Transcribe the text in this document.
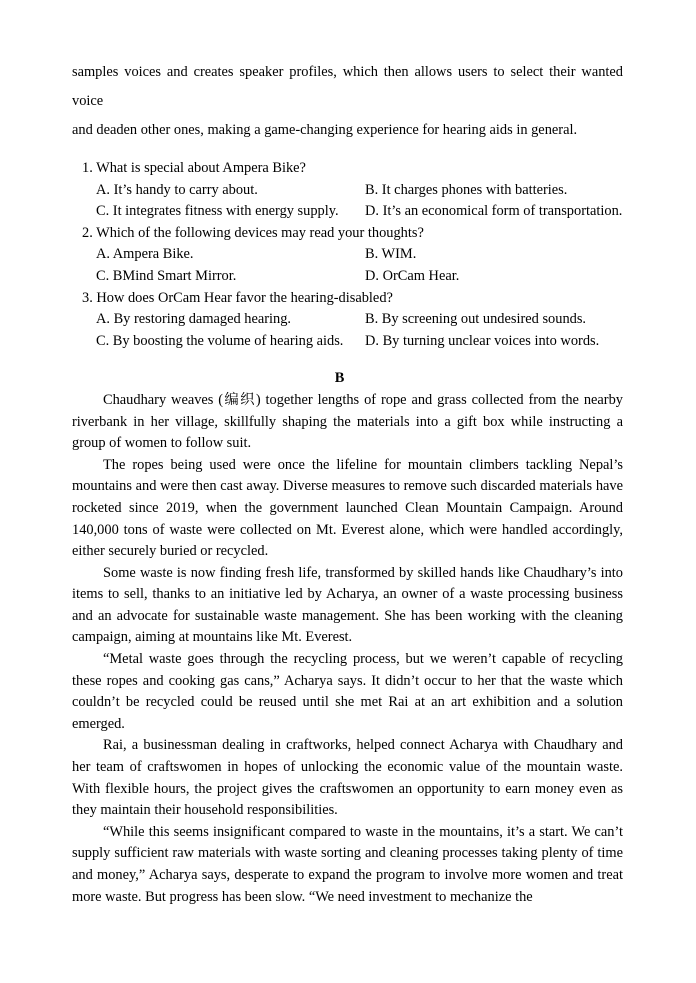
samples voices and creates speaker profiles, which then allows users to select their wanted voice
and deaden other ones, making a game-changing experience for hearing aids in general.
1. What is special about Ampera Bike?
A. It’s handy to carry about.	B. It charges phones with batteries.
C. It integrates fitness with energy supply. D. It’s an economical form of transportation.
2. Which of the following devices may read your thoughts?
A. Ampera Bike.	B. WIM.
C. BMind Smart Mirror.	D. OrCam Hear.
3. How does OrCam Hear favor the hearing-disabled?
A. By restoring damaged hearing.	B. By screening out undesired sounds.
C. By boosting the volume of hearing aids. D. By turning unclear voices into words.
B

Chaudhary weaves (编织) together lengths of rope and grass collected from the nearby riverbank in her village, skillfully shaping the materials into a gift box while instructing a group of women to follow suit.

The ropes being used were once the lifeline for mountain climbers tackling Nepal’s mountains and were then cast away. Diverse measures to remove such discarded materials have rocketed since 2019, when the government launched Clean Mountain Campaign. Around 140,000 tons of waste were collected on Mt. Everest alone, which were handled accordingly, either securely buried or recycled.

Some waste is now finding fresh life, transformed by skilled hands like Chaudhary’s into items to sell, thanks to an initiative led by Acharya, an owner of a waste processing business and an advocate for sustainable waste management. She has been working with the cleaning campaign, aiming at mountains like Mt. Everest.

“Metal waste goes through the recycling process, but we weren’t capable of recycling these ropes and cooking gas cans,” Acharya says. It didn’t occur to her that the waste which couldn’t be recycled could be reused until she met Rai at an art exhibition and a solution emerged.

Rai, a businessman dealing in craftworks, helped connect Acharya with Chaudhary and her team of craftswomen in hopes of unlocking the economic value of the mountain waste. With flexible hours, the project gives the craftswomen an opportunity to earn money even as they maintain their household responsibilities.

“While this seems insignificant compared to waste in the mountains, it’s a start. We can’t supply sufficient raw materials with waste sorting and cleaning processes taking plenty of time and money,” Acharya says, desperate to expand the program to involve more women and treat more waste. But progress has been slow. “We need investment to mechanize the
